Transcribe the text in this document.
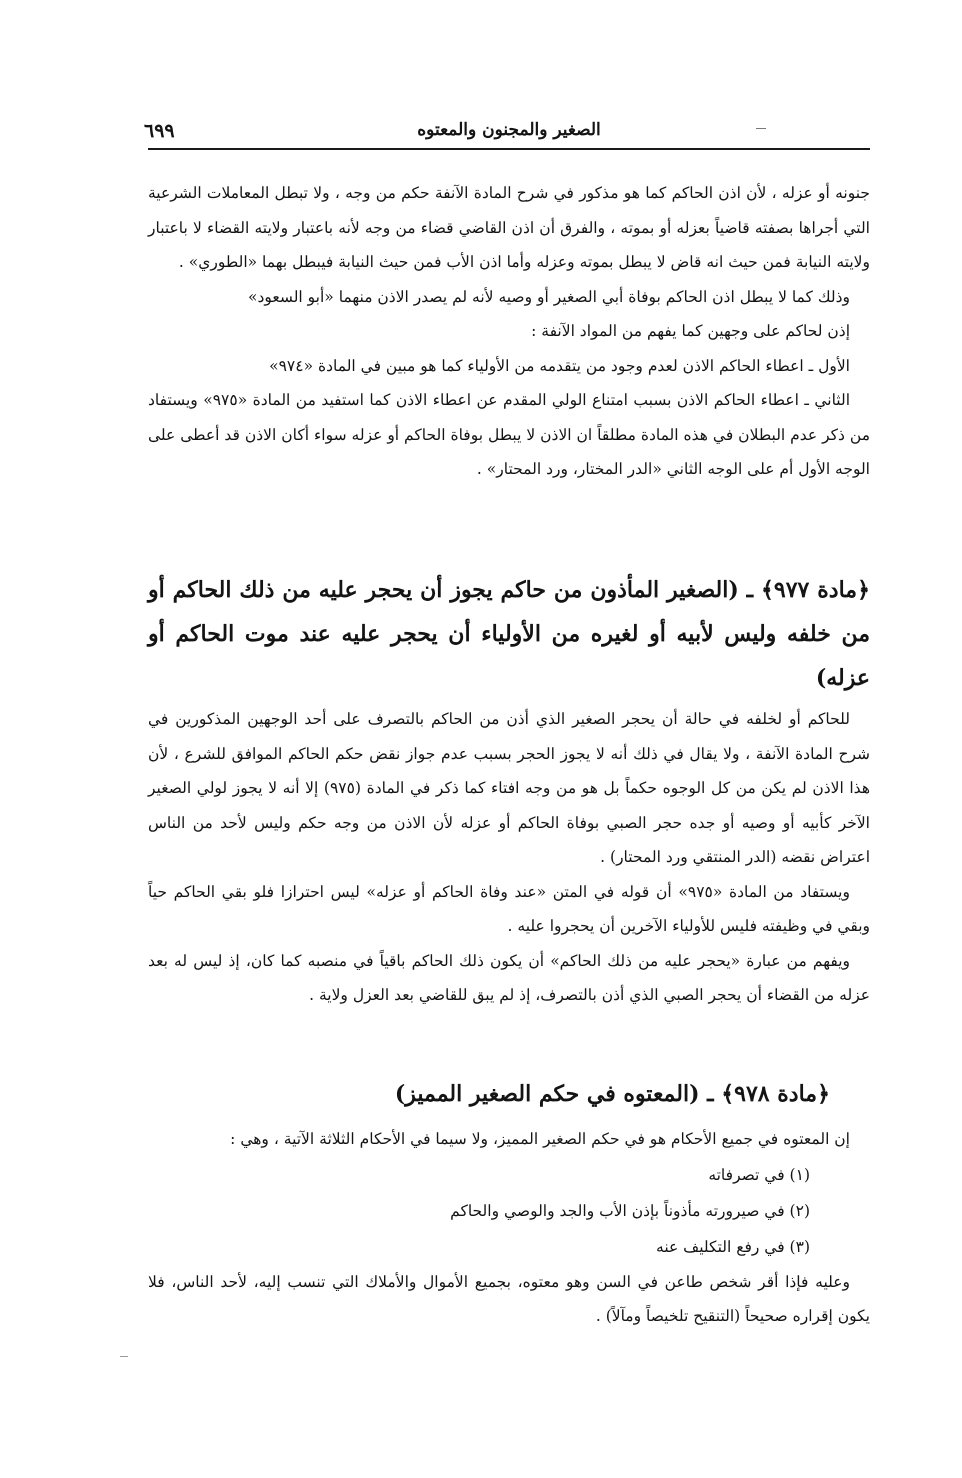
الصغير والمجنون والمعتوه
٦٩٩

جنونه أو عزله ، لأن اذن الحاكم كما هو مذكور في شرح المادة الآنفة حكم من وجه ، ولا تبطل المعاملات الشرعية التي أجراها بصفته قاضياً بعزله أو بموته ، والفرق أن اذن القاضي قضاء من وجه لأنه باعتبار ولايته القضاء لا باعتبار ولايته النيابة فمن حيث انه قاض لا يبطل بموته وعزله وأما اذن الأب فمن حيث النيابة فيبطل بهما «الطوري» .

وذلك كما لا يبطل اذن الحاكم بوفاة أبي الصغير أو وصيه لأنه لم يصدر الاذن منهما «أبو السعود»

إذن لحاكم على وجهين كما يفهم من المواد الآنفة :

الأول ـ اعطاء الحاكم الاذن لعدم وجود من يتقدمه من الأولياء كما هو مبين في المادة «٩٧٤»

الثاني ـ اعطاء الحاكم الاذن بسبب امتناع الولي المقدم عن اعطاء الاذن كما استفيد من المادة «٩٧٥» ويستفاد من ذكر عدم البطلان في هذه المادة مطلقاً ان الاذن لا يبطل بوفاة الحاكم أو عزله سواء أكان الاذن قد أعطى على الوجه الأول أم على الوجه الثاني «الدر المختار، ورد المحتار» .

﴿مادة ٩٧٧﴾ ـ (الصغير المأذون من حاكم يجوز أن يحجر عليه من ذلك الحاكم أو من خلفه وليس لأبيه أو لغيره من الأولياء أن يحجر عليه عند موت الحاكم أو عزله)

للحاكم أو لخلفه في حالة أن يحجر الصغير الذي أذن من الحاكم بالتصرف على أحد الوجهين المذكورين في شرح المادة الآنفة ، ولا يقال في ذلك أنه لا يجوز الحجر بسبب عدم جواز نقض حكم الحاكم الموافق للشرع ، لأن هذا الاذن لم يكن من كل الوجوه حكماً بل هو من وجه افتاء كما ذكر في المادة (٩٧٥) إلا أنه لا يجوز لولي الصغير الآخر كأبيه أو وصيه أو جده حجر الصبي بوفاة الحاكم أو عزله لأن الاذن من وجه حكم وليس لأحد من الناس اعتراض نقضه (الدر المنتقي ورد المحتار) .

ويستفاد من المادة «٩٧٥» أن قوله في المتن «عند وفاة الحاكم أو عزله» ليس احترازا فلو بقي الحاكم حياً وبقي في وظيفته فليس للأولياء الآخرين أن يحجروا عليه .

ويفهم من عبارة «يحجر عليه من ذلك الحاكم» أن يكون ذلك الحاكم باقياً في منصبه كما كان، إذ ليس له بعد عزله من القضاء أن يحجر الصبي الذي أذن بالتصرف، إذ لم يبق للقاضي بعد العزل ولاية .

﴿مادة ٩٧٨﴾ ـ (المعتوه في حكم الصغير المميز)

إن المعتوه في جميع الأحكام هو في حكم الصغير المميز، ولا سيما في الأحكام الثلاثة الآتية ، وهي :

(١) في تصرفاته

(٢) في صيرورته مأذوناً بإذن الأب والجد والوصي والحاكم

(٣) في رفع التكليف عنه

وعليه فإذا أقر شخص طاعن في السن وهو معتوه، بجميع الأموال والأملاك التي تنسب إليه، لأحد الناس، فلا يكون إقراره صحيحاً (التنقيح تلخيصاً ومآلاً) .
